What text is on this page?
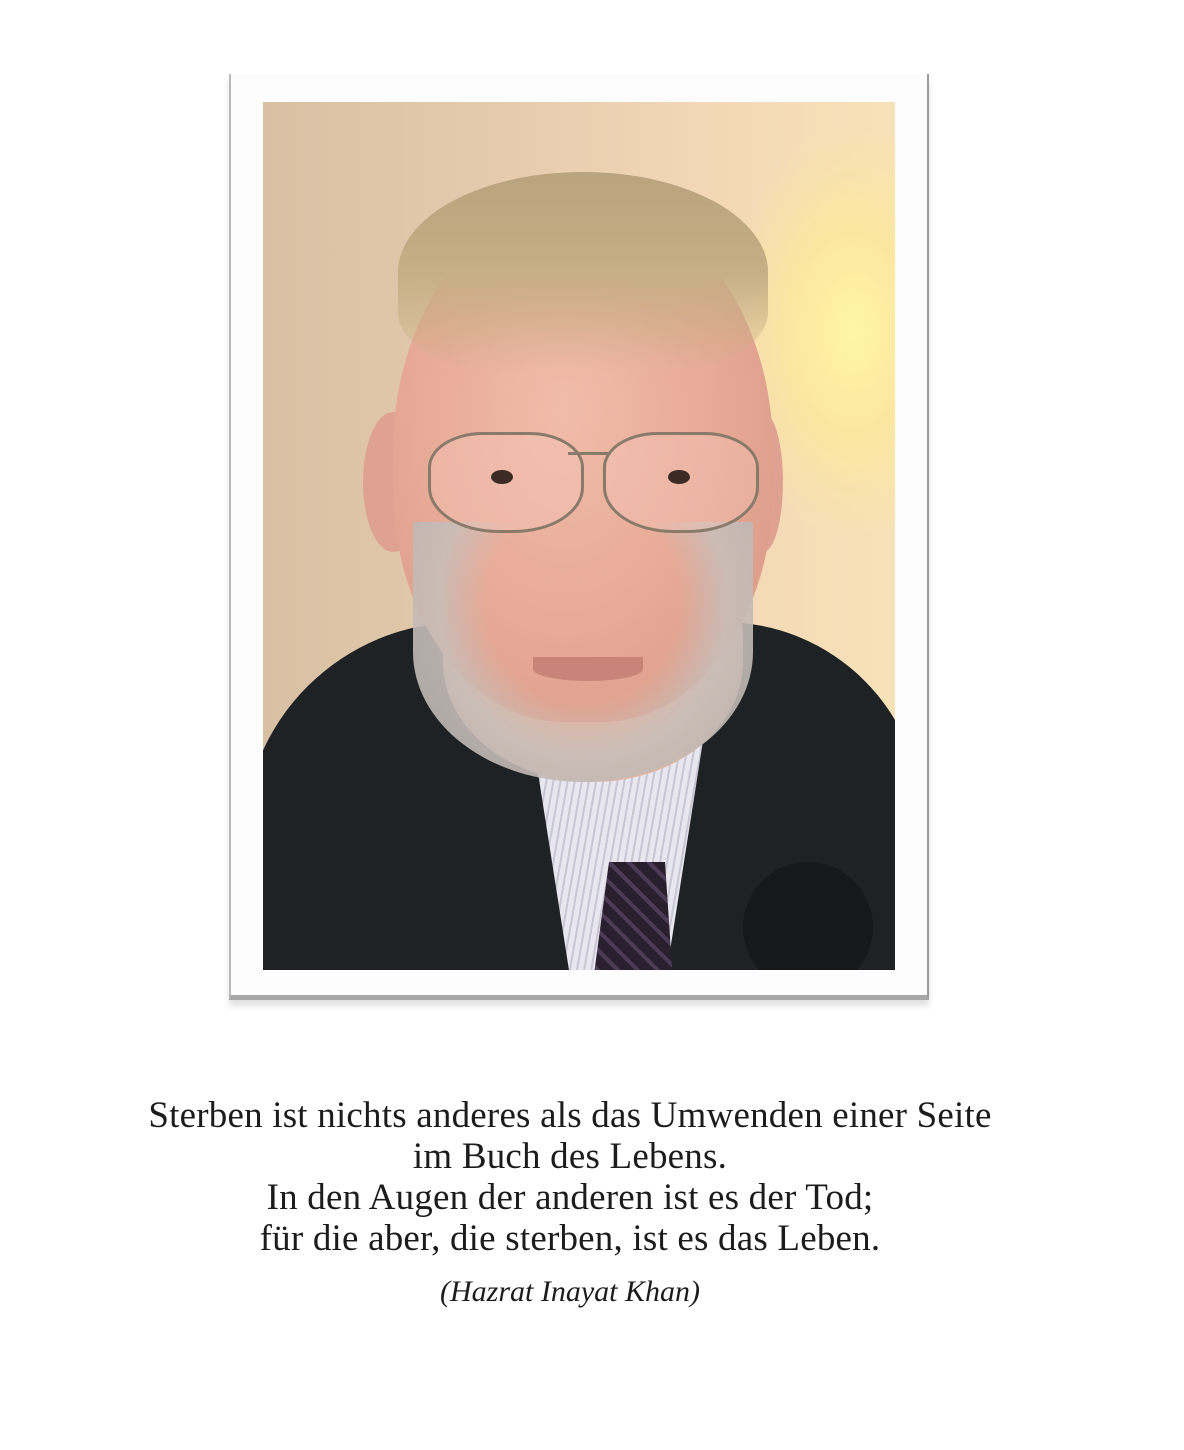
Sterben ist nichts anderes als das Umwenden einer Seite
im Buch des Lebens.
In den Augen der anderen ist es der Tod;
für die aber, die sterben, ist es das Leben.
(Hazrat Inayat Khan)
